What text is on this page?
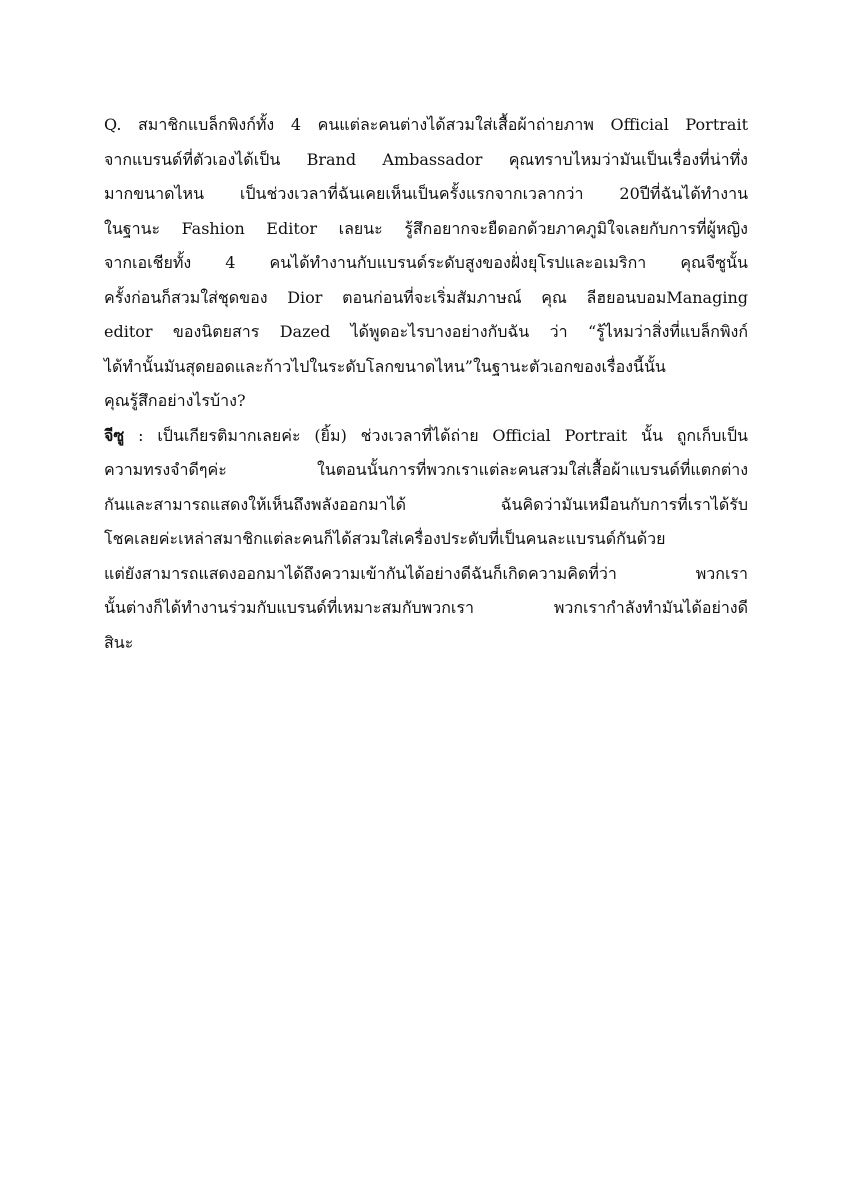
Q. สมาชิกแบล็กพิงก์ทั้ง 4 คนแต่ละคนต่างได้สวมใส่เสื้อผ้าถ่ายภาพ Official Portrait
จากแบรนด์ที่ตัวเองได้เป็น Brand Ambassador คุณทราบไหมว่ามันเป็นเรื่องที่น่าทึ่ง
มากขนาดไหน เป็นช่วงเวลาที่ฉันเคยเห็นเป็นครั้งแรกจากเวลากว่า 20ปีที่ฉันได้ทำงาน
ในฐานะ Fashion Editor เลยนะ รู้สึกอยากจะยืดอกด้วยภาคภูมิใจเลยกับการที่ผู้หญิง
จากเอเชียทั้ง 4 คนได้ทำงานกับแบรนด์ระดับสูงของฝั่งยุโรปและอเมริกา คุณจีซูนั้น
ครั้งก่อนก็สวมใส่ชุดของ Dior ตอนก่อนที่จะเริ่มสัมภาษณ์ คุณ ลีฮยอนบอมManaging
editor ของนิตยสาร Dazed ได้พูดอะไรบางอย่างกับฉัน ว่า “รู้ไหมว่าสิ่งที่แบล็กพิงก์
ได้ทำนั้นมันสุดยอดและก้าวไปในระดับโลกขนาดไหน”ในฐานะตัวเอกของเรื่องนี้นั้น
คุณรู้สึกอย่างไรบ้าง?
จีซู : เป็นเกียรติมากเลยค่ะ (ยิ้ม) ช่วงเวลาที่ได้ถ่าย Official Portrait นั้น ถูกเก็บเป็น
ความทรงจำดีๆค่ะ ในตอนนั้นการที่พวกเราแต่ละคนสวมใส่เสื้อผ้าแบรนด์ที่แตกต่าง
กันและสามารถแสดงให้เห็นถึงพลังออกมาได้ ฉันคิดว่ามันเหมือนกับการที่เราได้รับ
โชคเลยค่ะเหล่าสมาชิกแต่ละคนก็ได้สวมใส่เครื่องประดับที่เป็นคนละแบรนด์กันด้วย
แต่ยังสามารถแสดงออกมาได้ถึงความเข้ากันได้อย่างดีฉันก็เกิดความคิดที่ว่า พวกเรา
นั้นต่างก็ได้ทำงานร่วมกับแบรนด์ที่เหมาะสมกับพวกเรา พวกเรากำลังทำมันได้อย่างดี
สินะ
